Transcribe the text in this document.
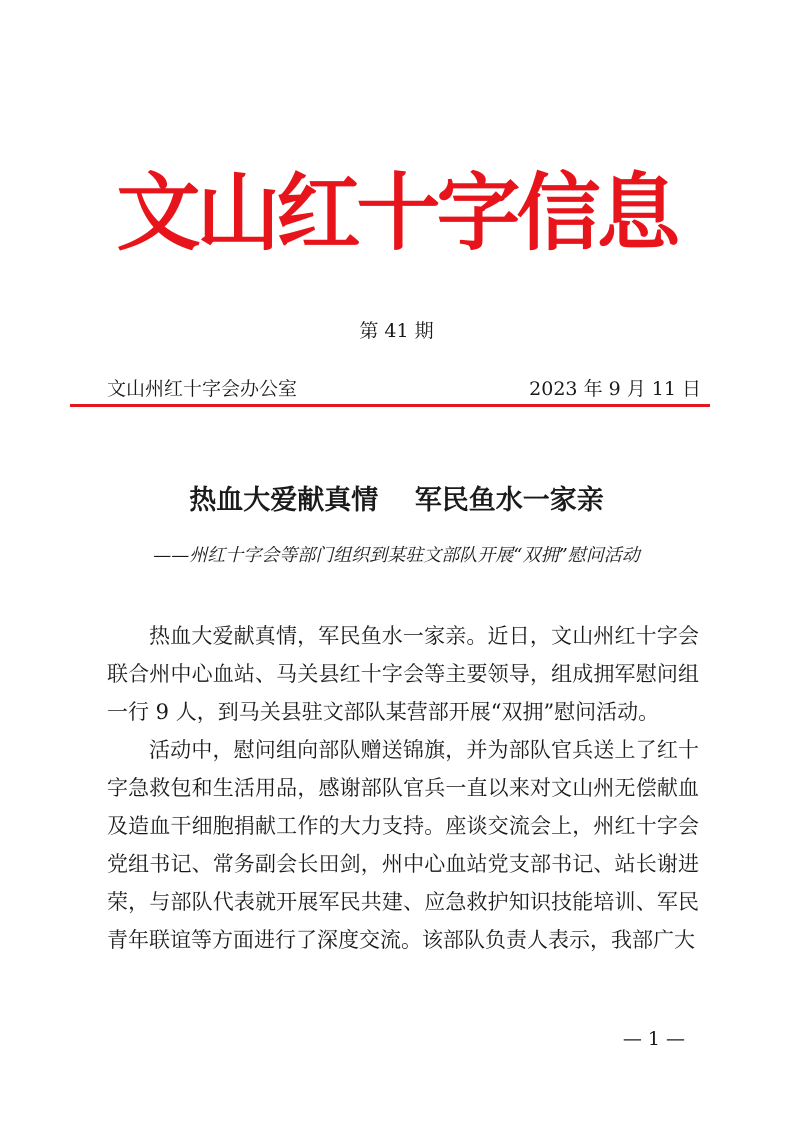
文山红十字信息
第 41 期
文山州红十字会办公室	2023 年 9 月 11 日
热血大爱献真情　 军民鱼水一家亲
——州红十字会等部门组织到某驻文部队开展“双拥”慰问活动

热血大爱献真情，军民鱼水一家亲。近日，文山州红十字会联合州中心血站、马关县红十字会等主要领导，组成拥军慰问组一行 9 人，到马关县驻文部队某营部开展“双拥”慰问活动。

活动中，慰问组向部队赠送锦旗，并为部队官兵送上了红十字急救包和生活用品，感谢部队官兵一直以来对文山州无偿献血及造血干细胞捐献工作的大力支持。座谈交流会上，州红十字会党组书记、常务副会长田剑，州中心血站党支部书记、站长谢进荣，与部队代表就开展军民共建、应急救护知识技能培训、军民青年联谊等方面进行了深度交流。该部队负责人表示，我部广大

— 1 —
